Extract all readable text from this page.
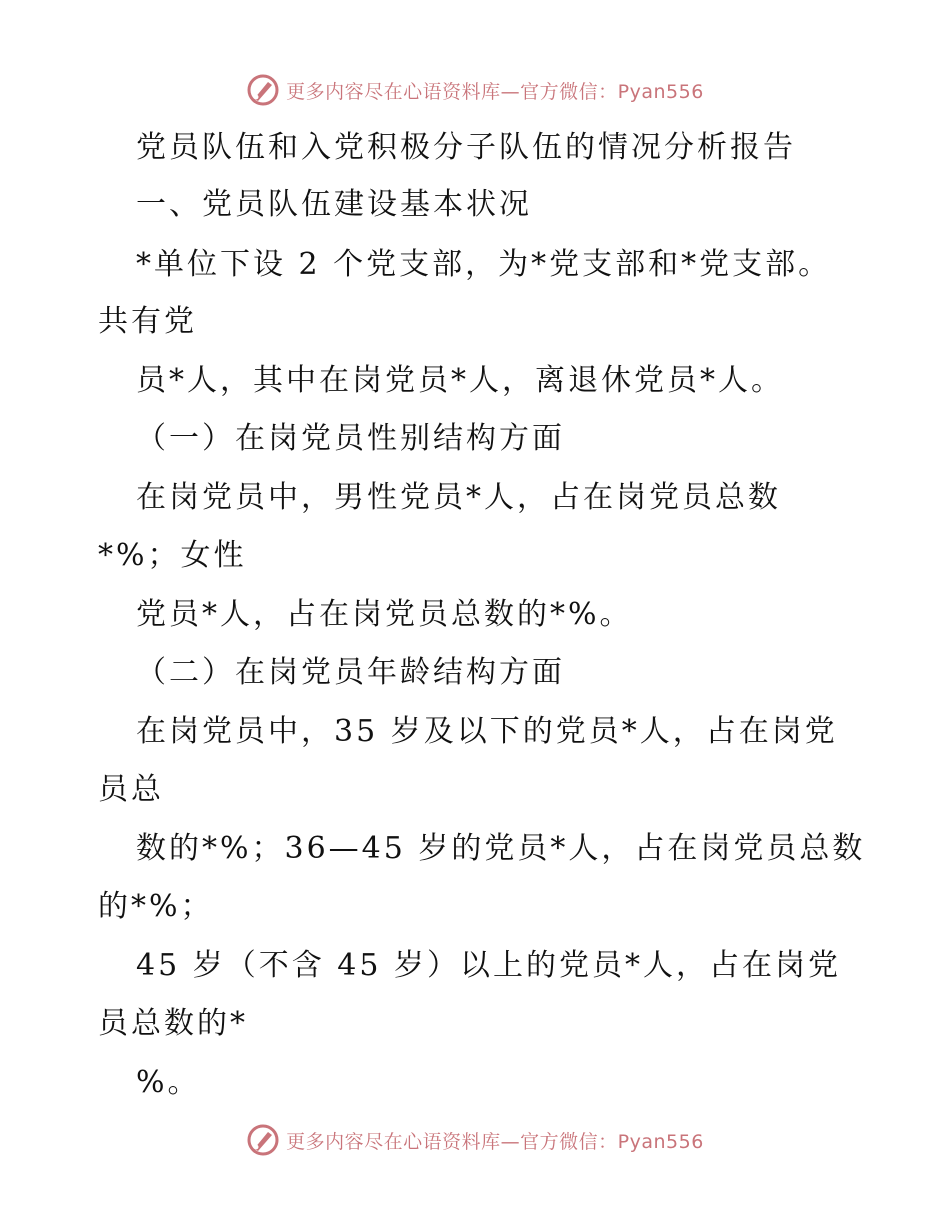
更多内容尽在心语资料库—官方微信：Pyan556
党员队伍和入党积极分子队伍的情况分析报告
一、党员队伍建设基本状况
*单位下设 2 个党支部，为*党支部和*党支部。
共有党
员*人，其中在岗党员*人，离退休党员*人。
（一）在岗党员性别结构方面
在岗党员中，男性党员*人，占在岗党员总数
*%；女性
党员*人，占在岗党员总数的*%。
（二）在岗党员年龄结构方面
在岗党员中，35 岁及以下的党员*人，占在岗党
员总
数的*%；36—45 岁的党员*人，占在岗党员总数
的*%；
45 岁（不含 45 岁）以上的党员*人，占在岗党
员总数的*
%。
更多内容尽在心语资料库—官方微信：Pyan556
